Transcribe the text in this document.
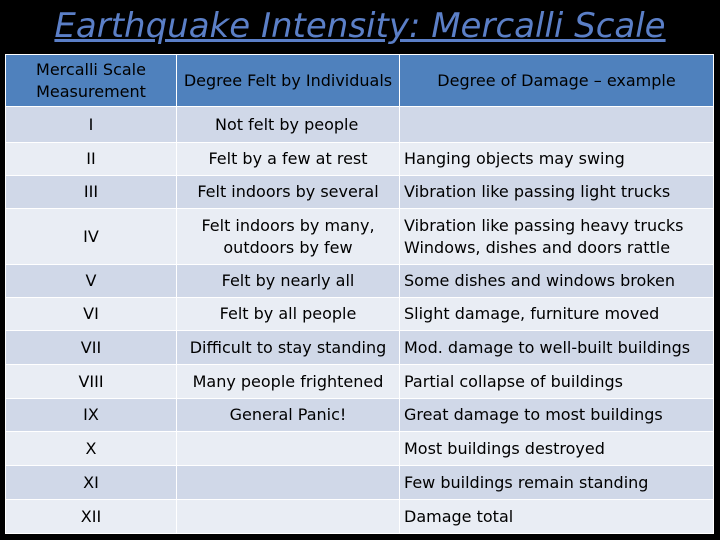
Earthquake Intensity: Mercalli Scale
Mercalli Scale Measurement	Degree Felt by Individuals	Degree of Damage – example
I	Not felt by people	
II	Felt by a few at rest	Hanging objects may swing
III	Felt indoors by several	Vibration like passing light trucks
IV	Felt indoors by many, outdoors by few	Vibration like passing heavy trucks Windows, dishes and doors rattle
V	Felt by nearly all	Some dishes and windows broken
VI	Felt by all people	Slight damage, furniture moved
VII	Difficult to stay standing	Mod. damage to well-built buildings
VIII	Many people frightened	Partial collapse of buildings
IX	General Panic!	Great damage to most buildings
X		Most buildings destroyed
XI		Few buildings remain standing
XII		Damage total
